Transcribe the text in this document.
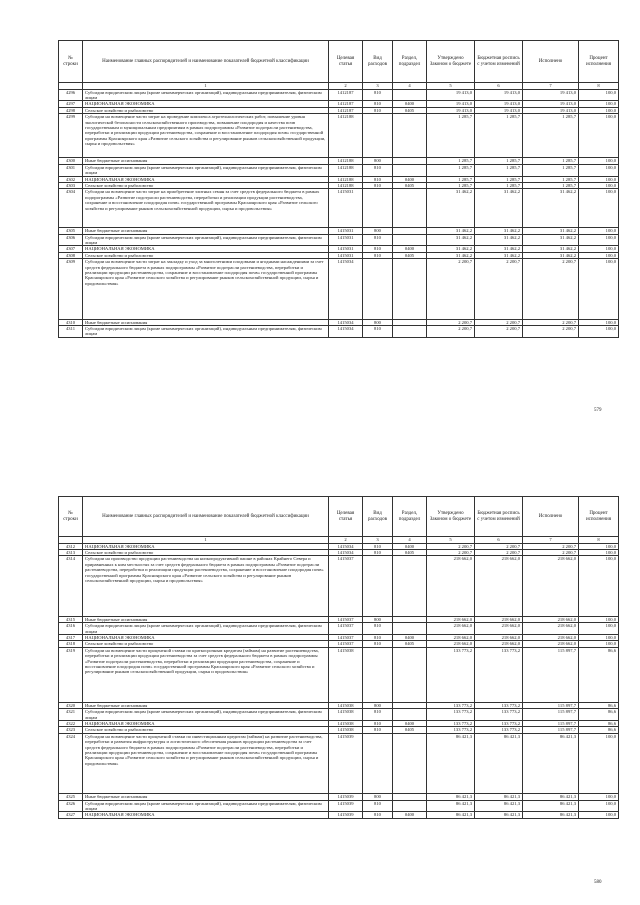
№ строки	Наименование главных распорядителей и наименование показателей бюджетной классификации	Целевая статья	Вид расходов	Раздел, подраздел	Утверждено Законом о бюджете	Бюджетная роспись с учетом изменений	Исполнено	Процент исполнения
	1	2	3	4	5	6	7	8
4296	Субсидии юридическим лицам (кроме некоммерческих организаций), индивидуальным предпринимателям, физическим лицам	1412187	810		19 413,0	19 413,0	19 413,0	100,0
4297	НАЦИОНАЛЬНАЯ ЭКОНОМИКА	1412187	810	0400	19 413,0	19 413,0	19 413,0	100,0
4298	Сельское хозяйство и рыболовство	1412187	810	0405	19 413,0	19 413,0	19 413,0	100,0
4299	Субсидии на возмещение части затрат на проведение комплекса агротехнологических работ, повышение уровня экологической безопасности сельскохозяйственного производства, повышение плодородия и качества почв государственным и муниципальным предприятиям в рамках подпрограммы «Развитие подотрасли растениеводства, переработки и реализации продукции растениеводства, сохранение и восстановление плодородия почв» государственной программы Красноярского края «Развитие сельского хозяйства и регулирование рынков сельскохозяйственной продукции, сырья и продовольствия»	1412188			1 285,7	1 285,7	1 285,7	100,0
4300	Иные бюджетные ассигнования	1412188	800		1 285,7	1 285,7	1 285,7	100,0
4301	Субсидии юридическим лицам (кроме некоммерческих организаций), индивидуальным предпринимателям, физическим лицам	1412188	810		1 285,7	1 285,7	1 285,7	100,0
4302	НАЦИОНАЛЬНАЯ ЭКОНОМИКА	1412188	810	0400	1 285,7	1 285,7	1 285,7	100,0
4303	Сельское хозяйство и рыболовство	1412188	810	0405	1 285,7	1 285,7	1 285,7	100,0
4304	Субсидии на возмещение части затрат на приобретение элитных семян за счет средств федерального бюджета в рамках подпрограммы «Развитие подотрасли растениеводства, переработки и реализации продукции растениеводства, сохранение и восстановление плодородия почв» государственной программы Красноярского края «Развитие сельского хозяйства и регулирование рынков сельскохозяйственной продукции, сырья и продовольствия»	1415031			31 462,2	31 462,2	31 462,2	100,0
4305	Иные бюджетные ассигнования	1415031	800		31 462,2	31 462,2	31 462,2	100,0
4306	Субсидии юридическим лицам (кроме некоммерческих организаций), индивидуальным предпринимателям, физическим лицам	1415031	810		31 462,2	31 462,2	31 462,2	100,0
4307	НАЦИОНАЛЬНАЯ ЭКОНОМИКА	1415031	810	0400	31 462,2	31 462,2	31 462,2	100,0
4308	Сельское хозяйство и рыболовство	1415031	810	0405	31 462,2	31 462,2	31 462,2	100,0
4309	Субсидии на возмещение части затрат на закладку и уход за многолетними плодовыми и ягодными насаждениями за счет средств федерального бюджета в рамках подпрограммы «Развитие подотрасли растениеводства, переработки и реализации продукции растениеводства, сохранение и восстановление плодородия почв» государственной программы Красноярского края «Развитие сельского хозяйства и регулирование рынков сельскохозяйственной продукции, сырья и продовольствия»	1415034			2 200,7	2 200,7	2 200,7	100,0
4310	Иные бюджетные ассигнования	1415034	800		2 200,7	2 200,7	2 200,7	100,0
4311	Субсидии юридическим лицам (кроме некоммерческих организаций), индивидуальным предпринимателям, физическим лицам	1415034	810		2 200,7	2 200,7	2 200,7	100,0
579
№ строки	Наименование главных распорядителей и наименование показателей бюджетной классификации	Целевая статья	Вид расходов	Раздел, подраздел	Утверждено Законом о бюджете	Бюджетная роспись с учетом изменений	Исполнено	Процент исполнения
	1	2	3	4	5	6	7	8
4312	НАЦИОНАЛЬНАЯ ЭКОНОМИКА	1415034	810	0400	2 200,7	2 200,7	2 200,7	100,0
4313	Сельское хозяйство и рыболовство	1415034	810	0405	2 200,7	2 200,7	2 200,7	100,0
4314	Субсидии на производство продукции растениеводства на низкопродуктивной пашне в районах Крайнего Севера и приравненных к ним местностях за счет средств федерального бюджета в рамках подпрограммы «Развитие подотрасли растениеводства, переработки и реализации продукции растениеводства, сохранение и восстановление плодородия почв» государственной программы Красноярского края «Развитие сельского хозяйства и регулирование рынков сельскохозяйственной продукции, сырья и продовольствия»	1415037			218 662,0	218 662,0	218 662,0	100,0
4315	Иные бюджетные ассигнования	1415037	800		218 662,0	218 662,0	218 662,0	100,0
4316	Субсидии юридическим лицам (кроме некоммерческих организаций), индивидуальным предпринимателям, физическим лицам	1415037	810		218 662,0	218 662,0	218 662,0	100,0
4317	НАЦИОНАЛЬНАЯ ЭКОНОМИКА	1415037	810	0400	218 662,0	218 662,0	218 662,0	100,0
4318	Сельское хозяйство и рыболовство	1415037	810	0405	218 662,0	218 662,0	218 662,0	100,0
4319	Субсидии на возмещение части процентной ставки по краткосрочным кредитам (займам) на развитие растениеводства, переработки и реализации продукции растениеводства за счет средств федерального бюджета в рамках подпрограммы «Развитие подотрасли растениеводства, переработки и реализации продукции растениеводства, сохранение и восстановление плодородия почв» государственной программы Красноярского края «Развитие сельского хозяйства и регулирование рынков сельскохозяйственной продукции, сырья и продовольствия»	1415038			133 773,2	133 773,2	115 897,7	86,6
4320	Иные бюджетные ассигнования	1415038	800		133 773,2	133 773,2	115 897,7	86,6
4321	Субсидии юридическим лицам (кроме некоммерческих организаций), индивидуальным предпринимателям, физическим лицам	1415038	810		133 773,2	133 773,2	115 897,7	86,6
4322	НАЦИОНАЛЬНАЯ ЭКОНОМИКА	1415038	810	0400	133 773,2	133 773,2	115 897,7	86,6
4323	Сельское хозяйство и рыболовство	1415038	810	0405	133 773,2	133 773,2	115 897,7	86,6
4324	Субсидии на возмещение части процентной ставки по инвестиционным кредитам (займам) на развитие растениеводства, переработки и развития инфраструктуры и логистического обеспечения рынков продукции растениеводства за счет средств федерального бюджета в рамках подпрограммы «Развитие подотрасли растениеводства, переработки и реализации продукции растениеводства, сохранение и восстановление плодородия почв» государственной программы Красноярского края «Развитие сельского хозяйства и регулирование рынков сельскохозяйственной продукции, сырья и продовольствия»	1415039			86 421,3	86 421,3	86 421,3	100,0
4325	Иные бюджетные ассигнования	1415039	800		86 421,3	86 421,3	86 421,3	100,0
4326	Субсидии юридическим лицам (кроме некоммерческих организаций), индивидуальным предпринимателям, физическим лицам	1415039	810		86 421,3	86 421,3	86 421,3	100,0
4327	НАЦИОНАЛЬНАЯ ЭКОНОМИКА	1415039	810	0400	86 421,3	86 421,3	86 421,3	100,0
580
